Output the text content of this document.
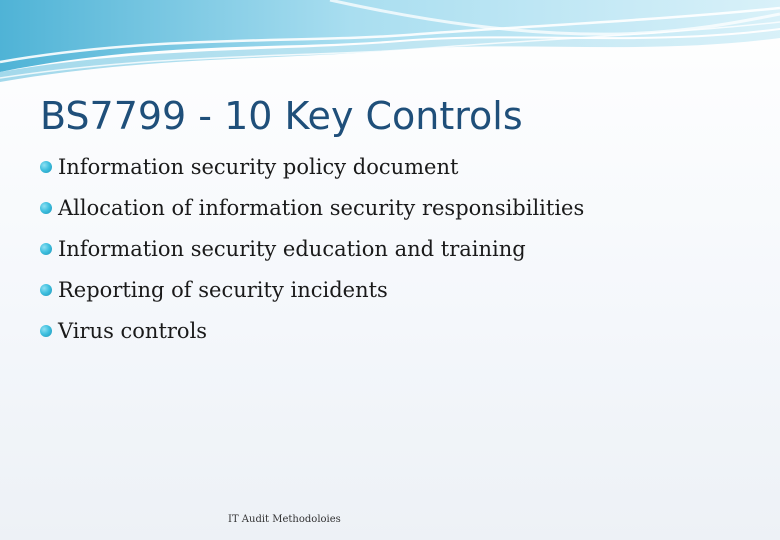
BS7799 - 10 Key Controls
Information security policy document
Allocation of information security responsibilities
Information security education and training
Reporting of security incidents
Virus controls
IT Audit Methodoloies
